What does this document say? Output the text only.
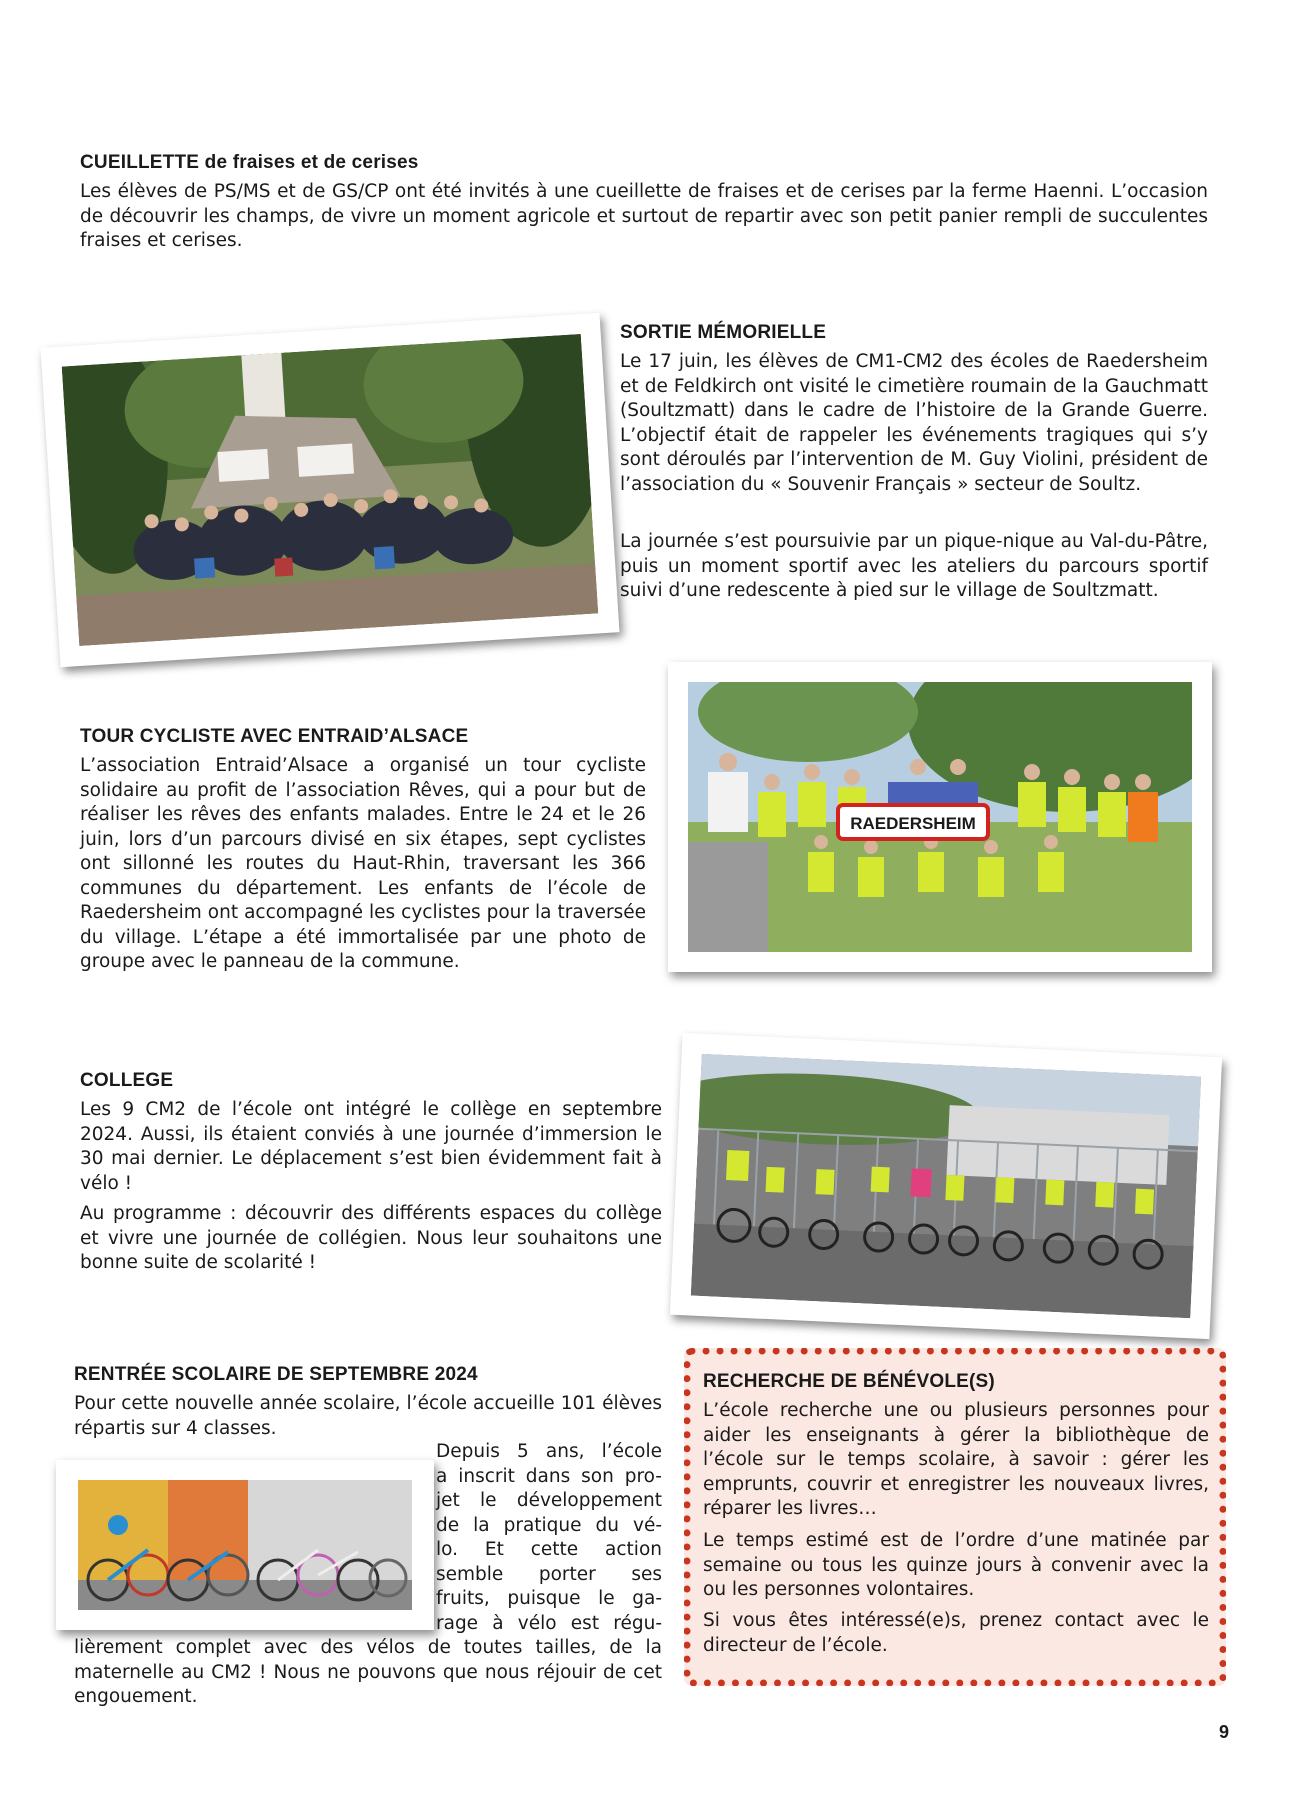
CUEILLETTE de fraises et de cerises

Les élèves de PS/MS et de GS/CP ont été invités à une cueillette de fraises et de cerises par la ferme Haenni. L’occasion de découvrir les champs, de vivre un moment agricole et surtout de repartir avec son petit panier rempli de succulentes fraises et cerises.

SORTIE MÉMORIELLE

Le 17 juin, les élèves de CM1-CM2 des écoles de Raedersheim et de Feldkirch ont visité le cimetière roumain de la Gauchmatt (Soultzmatt) dans le cadre de l’histoire de la Grande Guerre. L’objectif était de rappeler les événements tragiques qui s’y sont déroulés par l’intervention de M. Guy Violini, président de l’association du « Souvenir Français » secteur de Soultz.

La journée s’est poursuivie par un pique-nique au Val-du-Pâtre, puis un moment sportif avec les ateliers du parcours sportif suivi d’une redescente à pied sur le village de Soultzmatt.

TOUR CYCLISTE AVEC ENTRAID’ALSACE

L’association Entraid’Alsace a organisé un tour cycliste solidaire au profit de l’association Rêves, qui a pour but de réaliser les rêves des enfants malades. Entre le 24 et le 26 juin, lors d’un parcours divisé en six étapes, sept cyclistes ont sillonné les routes du Haut-Rhin, traversant les 366 communes du département. Les enfants de l’école de Raedersheim ont accompagné les cyclistes pour la traversée du village. L’étape a été immortalisée par une photo de groupe avec le panneau de la commune.

RAEDERSHEIM
COLLEGE

Les 9 CM2 de l’école ont intégré le collège en septembre 2024. Aussi, ils étaient conviés à une journée d’immersion le 30 mai dernier. Le déplacement s’est bien évidemment fait à vélo !

Au programme : découvrir des différents espaces du collège et vivre une journée de collégien. Nous leur souhaitons une bonne suite de scolarité !

RENTRÉE SCOLAIRE DE SEPTEMBRE 2024

Pour cette nouvelle année scolaire, l’école accueille 101 élèves répartis sur 4 classes.

Depuis 5 ans, l’école
a inscrit dans son pro-
jet le développement
de la pratique du vé-
lo. Et cette action
semble porter ses
fruits, puisque le ga-
rage à vélo est régu-

lièrement complet avec des vélos de toutes tailles, de la maternelle au CM2 ! Nous ne pouvons que nous réjouir de cet engouement.

RECHERCHE DE BÉNÉVOLE(S)

L’école recherche une ou plusieurs personnes pour aider les enseignants à gérer la bibliothèque de l’école sur le temps scolaire, à savoir : gérer les emprunts, couvrir et enregistrer les nouveaux livres, réparer les livres…

Le temps estimé est de l’ordre d’une matinée par semaine ou tous les quinze jours à convenir avec la ou les personnes volontaires.

Si vous êtes intéressé(e)s, prenez contact avec le directeur de l’école.

9
